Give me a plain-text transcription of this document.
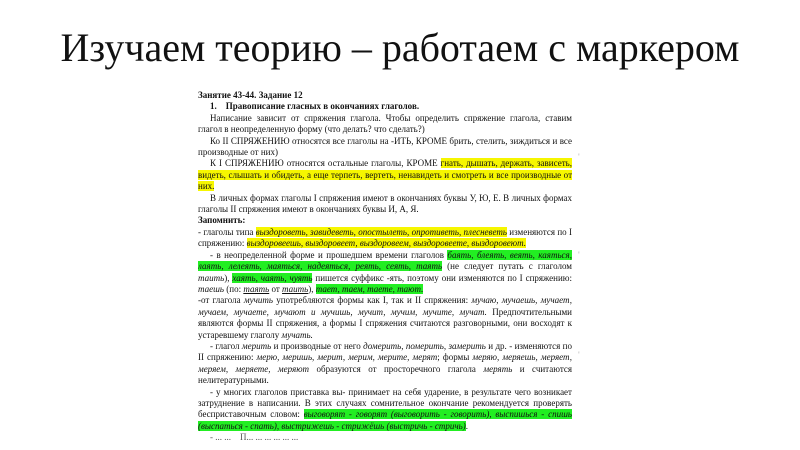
Изучаем теорию – работаем с маркером
'
'
'

Занятие 43-44. Задание 12

1.    Правописание гласных в окончаниях глаголов.

Написание зависит от спряжения глагола. Чтобы определить спряжение глагола, ставим глагол в неопределенную форму (что делать? что сделать?)

Ко II СПРЯЖЕНИЮ относятся все глаголы на -ИТЬ, КРОМЕ брить, стелить, зиждиться и все производные от них)

К I СПРЯЖЕНИЮ относятся остальные глаголы, КРОМЕ гнать, дышать, держать, зависеть, видеть, слышать и обидеть, а еще терпеть, вертеть, ненавидеть и смотреть и все производные от них.

В личных формах глаголы I спряжения имеют в окончаниях буквы У, Ю, Е. В личных формах глаголы II спряжения имеют в окончаниях буквы И, А, Я.

Запомнить:

- глаголы типа выздороветь, завидеветь, опостылеть, опротиветь, плесневеть изменяются по I спряжению: выздоровеешь, выздоровеет, выздоровеем, выздоровеете, выздоровеют.

- в неопределенной форме и прошедшем времени глаголов баять, блеять, веять, каяться, лаять, лелеять, маяться, надеяться, реять, сеять, таять (не следует путать с глаголом таить), хаять, чаять, чуять пишется суффикс -ять, поэтому они изменяются по I спряжению: таешь (по: таять от таить), тает, таем, таете, тают.

-от глагола мучить употребляются формы как I, так и II спряжения: мучаю, мучаешь, мучает, мучаем, мучаете, мучают и мучишь, мучит, мучим, мучите, мучат. Предпочтительными являются формы II спряжения, а формы I спряжения считаются разговорными, они восходят к устаревшему глаголу мучать.

- глагол мерить и производные от него домерить, померить, замерить и др. - изменяются по II спряжению: мерю, меришь, мерит, мерим, мерите, мерят; формы меряю, меряешь, меряет, меряем, меряете, меряют образуются от просторечного глагола мерять и считаются нелитературными.

- у многих глаголов приставка вы- принимает на себя ударение, в результате чего возникает затруднение в написании. В этих случаях сомнительное окончание рекомендуется проверять бесприставочным словом: выговорят - говорят (выговорить - говорить), выспишься - спишь (выспаться - спать), выстрижешь - стрижёшь (выстричь - стричь).

- ... ...    П... ... ... ... ... ...
